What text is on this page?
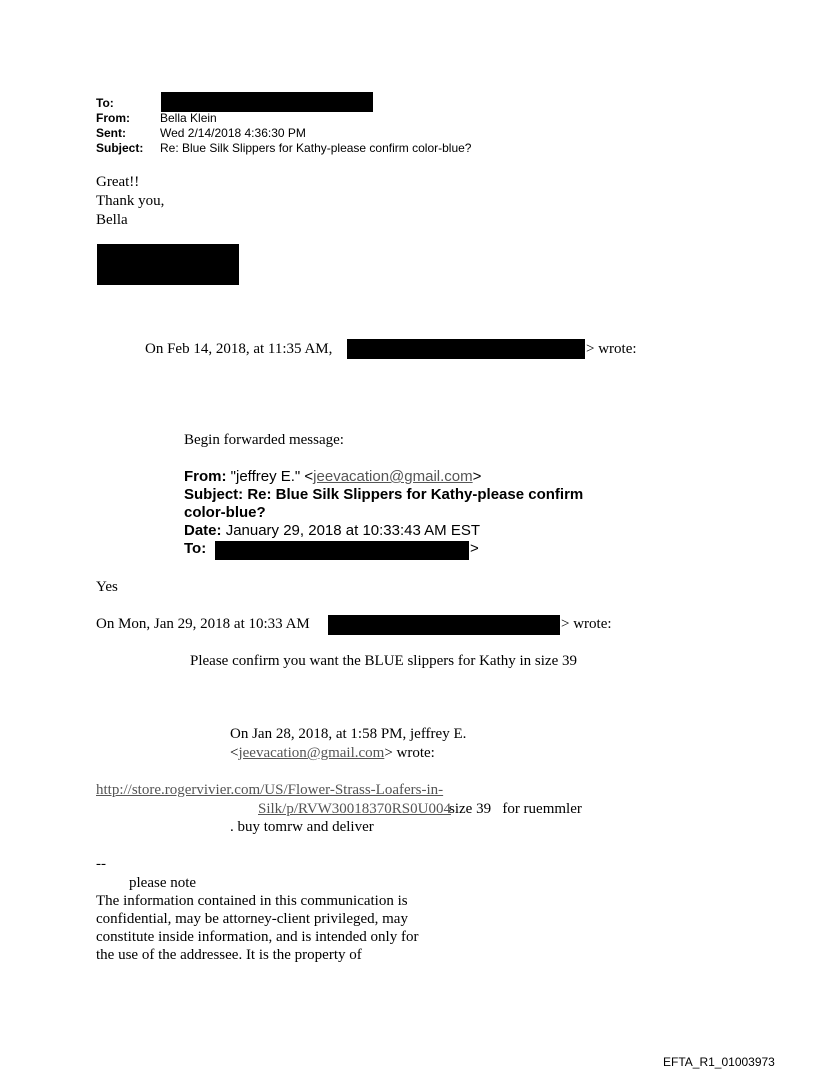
To:
From:	Bella Klein
Sent:	Wed 2/14/2018 4:36:30 PM
Subject: Re: Blue Silk Slippers for Kathy-please confirm color-blue?
Great!!
Thank you,
Bella
On Feb 14, 2018, at 11:35 AM,	> wrote:
Begin forwarded message:
From: "jeffrey E." <jeevacation@gmail.com>
Subject: Re: Blue Silk Slippers for Kathy-please confirm
color-blue?
Date: January 29, 2018 at 10:33:43 AM EST
To:	>
Yes
On Mon, Jan 29, 2018 at 10:33 AM	> wrote:
Please confirm you want the BLUE slippers for Kathy in size 39
On Jan 28, 2018, at 1:58 PM, jeffrey E.
<jeevacation@gmail.com> wrote:
http://store.rogervivier.com/US/Flower-Strass-Loafers-in-
Silk/p/RVW30018370RS0U004
size 39   for ruemmler
. buy tomrw and deliver
--
please note
The information contained in this communication is
confidential, may be attorney-client privileged, may
constitute inside information, and is intended only for
the use of the addressee. It is the property of
EFTA_R1_01003973
